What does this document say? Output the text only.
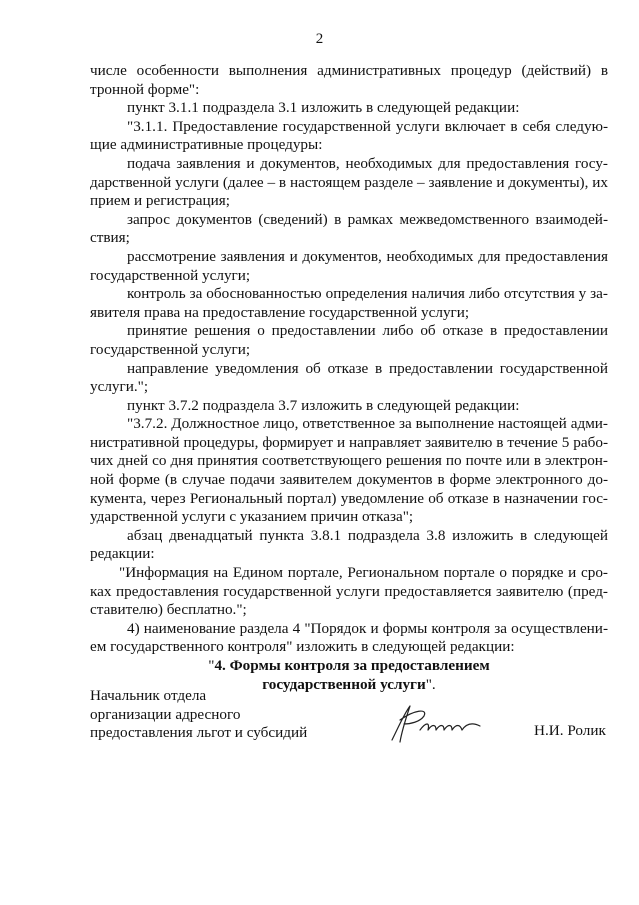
2
числе особенности выполнения административных процедур (действий) в
тронной форме":
пункт 3.1.1 подраздела 3.1 изложить в следующей редакции:
"3.1.1. Предоставление государственной услуги включает в себя следую-
щие административные процедуры:
подача заявления и документов, необходимых для предоставления госу-
дарственной услуги (далее – в настоящем разделе – заявление и документы), их
прием и регистрация;
запрос документов (сведений) в рамках межведомственного взаимодей-
ствия;
рассмотрение заявления и документов, необходимых для предоставления
государственной услуги;
контроль за обоснованностью определения наличия либо отсутствия у за-
явителя права на предоставление государственной услуги;
принятие решения о предоставлении либо об отказе в предоставлении
государственной услуги;
направление уведомления об отказе в предоставлении государственной
услуги.";
пункт 3.7.2 подраздела 3.7 изложить в следующей редакции:
"3.7.2. Должностное лицо, ответственное за выполнение настоящей адми-
нистративной процедуры, формирует и направляет заявителю в течение 5 рабо-
чих дней со дня принятия соответствующего решения по почте или в электрон-
ной форме (в случае подачи заявителем документов в форме электронного до-
кумента, через Региональный портал) уведомление об отказе в назначении гос-
ударственной услуги с указанием причин отказа";
абзац двенадцатый пункта 3.8.1 подраздела 3.8 изложить в следующей
редакции:
"Информация на Едином портале, Региональном портале о порядке и сро-
ках предоставления государственной услуги предоставляется заявителю (пред-
ставителю) бесплатно.";
4) наименование раздела 4 "Порядок и формы контроля за осуществлени-
ем государственного контроля" изложить в следующей редакции:
"4. Формы контроля за предоставлением
государственной услуги".
Начальник отдела
организации адресного
предоставления льгот и субсидий	Н.И. Ролик
